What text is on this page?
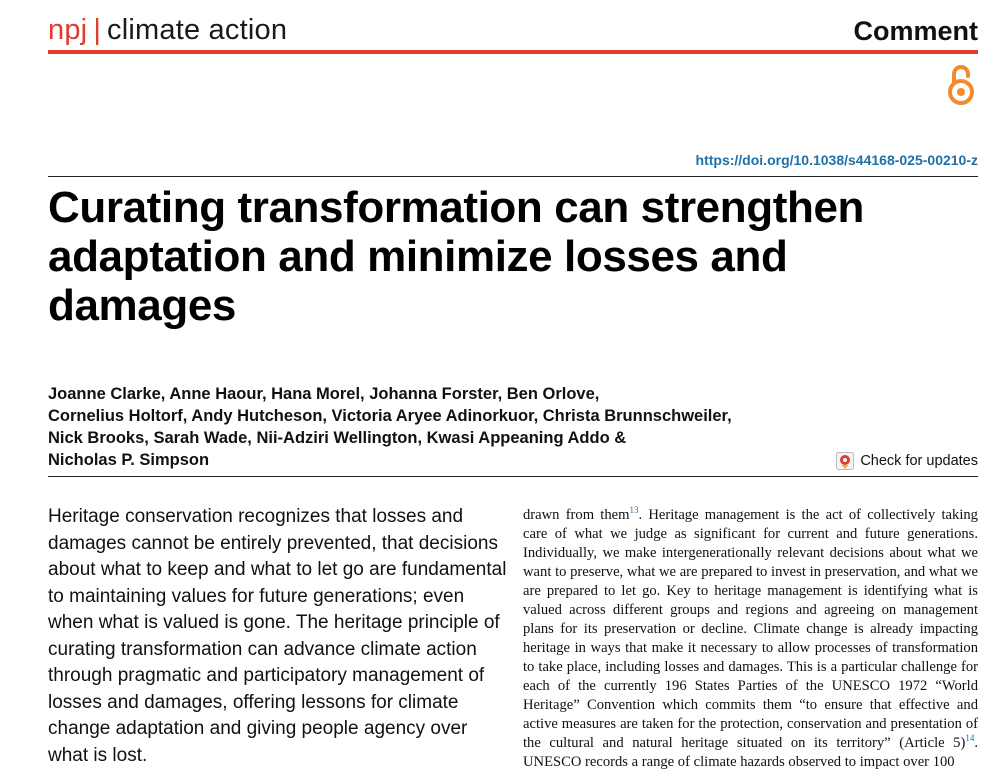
npj | climate action	Comment
https://doi.org/10.1038/s44168-025-00210-z
Curating transformation can strengthen adaptation and minimize losses and damages

Joanne Clarke, Anne Haour, Hana Morel, Johanna Forster, Ben Orlove,
Cornelius Holtorf, Andy Hutcheson, Victoria Aryee Adinorkuor, Christa Brunnschweiler,
Nick Brooks, Sarah Wade, Nii-Adziri Wellington, Kwasi Appeaning Addo &
Nicholas P. Simpson	Check for updates

Heritage conservation recognizes that losses and damages cannot be entirely prevented, that decisions about what to keep and what to let go are fundamental to maintaining values for future generations; even when what is valued is gone. The heritage principle of curating transformation can advance climate action through pragmatic and participatory management of losses and damages, offering lessons for climate change adaptation and giving people agency over what is lost.

drawn from them$^{13}$. Heritage management is the act of collectively taking care of what we judge as significant for current and future generations. Individually, we make intergenerationally relevant decisions about what we want to preserve, what we are prepared to invest in preservation, and what we are prepared to let go. Key to heritage management is identifying what is valued across different groups and regions and agreeing on management plans for its preservation or decline. Climate change is already impacting heritage in ways that make it necessary to allow processes of transformation to take place, including losses and damages. This is a particular challenge for each of the currently 196 States Parties of the UNESCO 1972 “World Heritage” Convention which commits them “to ensure that effective and active measures are taken for the protection, conservation and presentation of the cultural and natural heritage situated on its territory” (Article 5)$^{14}$. UNESCO records a range of climate hazards observed to impact over 100
